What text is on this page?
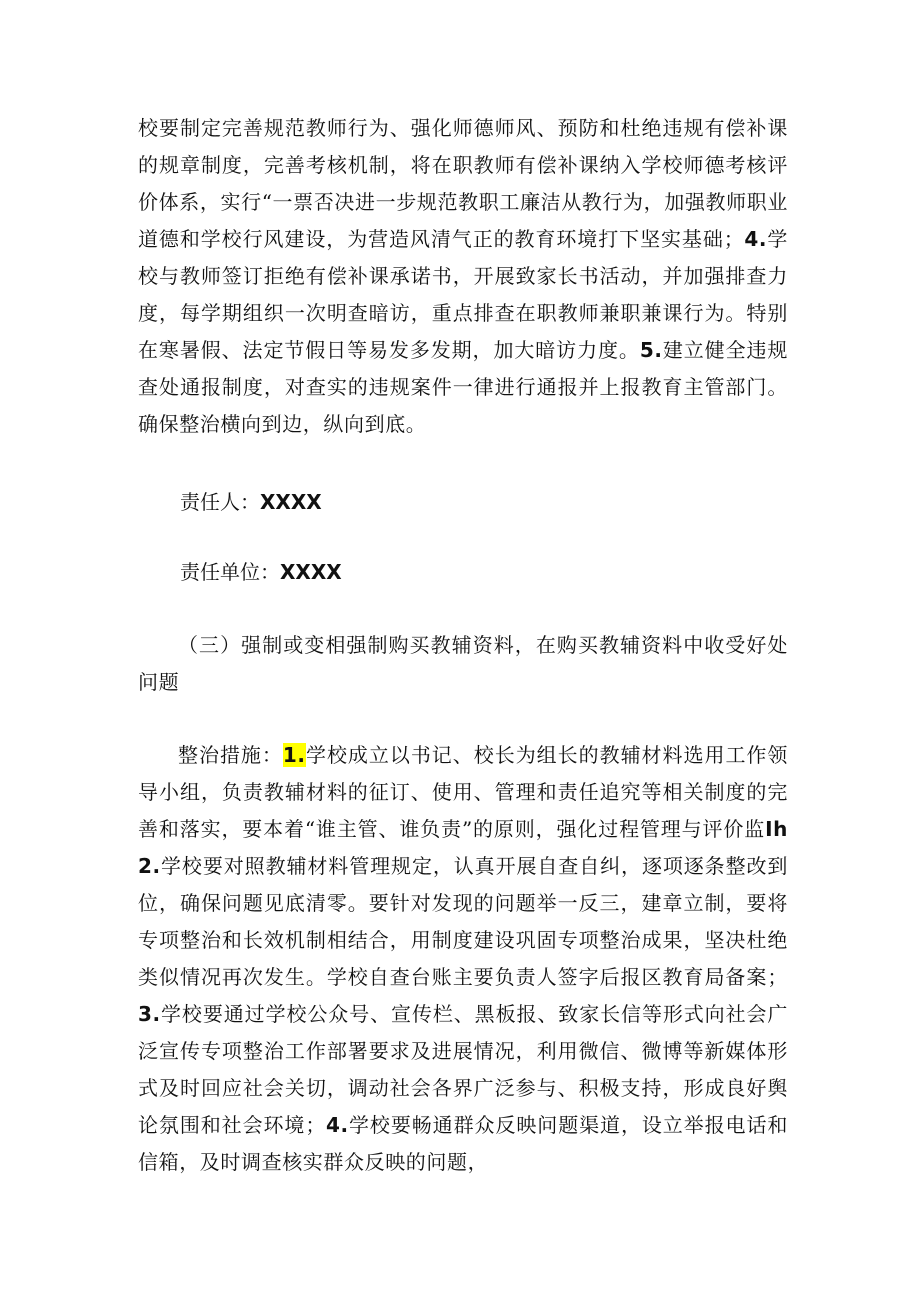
校要制定完善规范教师行为、强化师德师风、预防和杜绝违规有偿补课的规章制度，完善考核机制，将在职教师有偿补课纳入学校师德考核评价体系，实行“一票否决进一步规范教职工廉洁从教行为，加强教师职业道德和学校行风建设，为营造风清气正的教育环境打下坚实基础；4.学校与教师签订拒绝有偿补课承诺书，开展致家长书活动，并加强排查力度，每学期组织一次明查暗访，重点排查在职教师兼职兼课行为。特别在寒暑假、法定节假日等易发多发期，加大暗访力度。5.建立健全违规查处通报制度，对查实的违规案件一律进行通报并上报教育主管部门。确保整治横向到边，纵向到底。

责任人：XXXX

责任单位：XXXX

（三）强制或变相强制购买教辅资料，在购买教辅资料中收受好处问题

整治措施：1.学校成立以书记、校长为组长的教辅材料选用工作领导小组，负责教辅材料的征订、使用、管理和责任追究等相关制度的完善和落实，要本着“谁主管、谁负责”的原则，强化过程管理与评价监Ih2.学校要对照教辅材料管理规定，认真开展自查自纠，逐项逐条整改到位，确保问题见底清零。要针对发现的问题举一反三，建章立制，要将专项整治和长效机制相结合，用制度建设巩固专项整治成果，坚决杜绝类似情况再次发生。学校自查台账主要负责人签字后报区教育局备案；3.学校要通过学校公众号、宣传栏、黑板报、致家长信等形式向社会广泛宣传专项整治工作部署要求及进展情况，利用微信、微博等新媒体形式及时回应社会关切，调动社会各界广泛参与、积极支持，形成良好舆论氛围和社会环境；4.学校要畅通群众反映问题渠道，设立举报电话和信箱，及时调查核实群众反映的问题，
